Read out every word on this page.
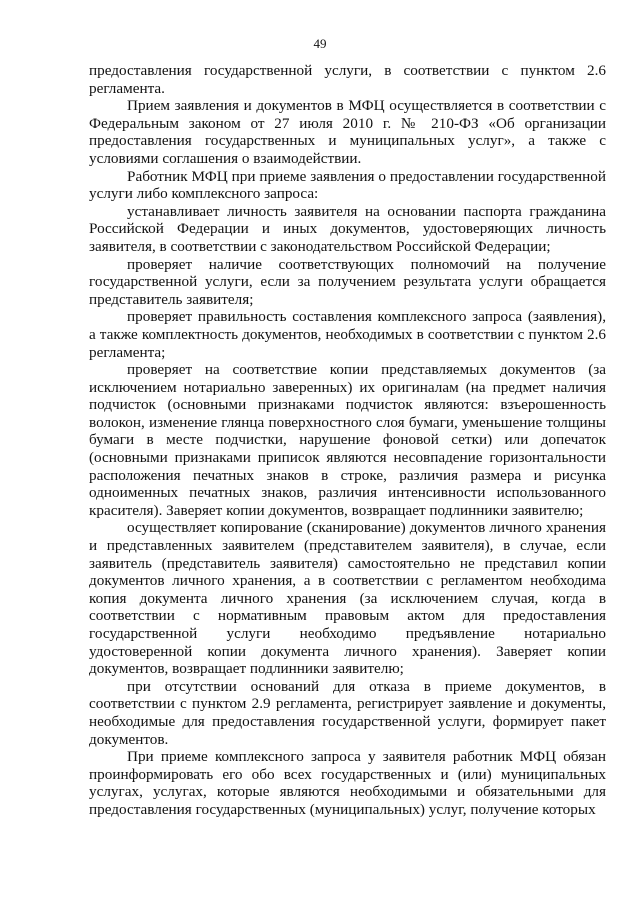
49

предоставления государственной услуги, в соответствии с пунктом 2.6 регламента.

Прием заявления и документов в МФЦ осуществляется в соответствии с Федеральным законом от 27 июля 2010 г. № 210-ФЗ «Об организации предоставления государственных и муниципальных услуг», а также с условиями соглашения о взаимодействии.

Работник МФЦ при приеме заявления о предоставлении государственной услуги либо комплексного запроса:

устанавливает личность заявителя на основании паспорта гражданина Российской Федерации и иных документов, удостоверяющих личность заявителя, в соответствии с законодательством Российской Федерации;

проверяет наличие соответствующих полномочий на получение государственной услуги, если за получением результата услуги обращается представитель заявителя;

проверяет правильность составления комплексного запроса (заявления), а также комплектность документов, необходимых в соответствии с пунктом 2.6 регламента;

проверяет на соответствие копии представляемых документов (за исключением нотариально заверенных) их оригиналам (на предмет наличия подчисток (основными признаками подчисток являются: взъерошенность волокон, изменение глянца поверхностного слоя бумаги, уменьшение толщины бумаги в месте подчистки, нарушение фоновой сетки) или допечаток (основными признаками приписок являются несовпадение горизонтальности расположения печатных знаков в строке, различия размера и рисунка одноименных печатных знаков, различия интенсивности использованного красителя). Заверяет копии документов, возвращает подлинники заявителю;

осуществляет копирование (сканирование) документов личного хранения и представленных заявителем (представителем заявителя), в случае, если заявитель (представитель заявителя) самостоятельно не представил копии документов личного хранения, а в соответствии с регламентом необходима копия документа личного хранения (за исключением случая, когда в соответствии с нормативным правовым актом для предоставления государственной услуги необходимо предъявление нотариально удостоверенной копии документа личного хранения). Заверяет копии документов, возвращает подлинники заявителю;

при отсутствии оснований для отказа в приеме документов, в соответствии с пунктом 2.9 регламента, регистрирует заявление и документы, необходимые для предоставления государственной услуги, формирует пакет документов.

При приеме комплексного запроса у заявителя работник МФЦ обязан проинформировать его обо всех государственных и (или) муниципальных услугах, услугах, которые являются необходимыми и обязательными для предоставления государственных (муниципальных) услуг, получение которых
